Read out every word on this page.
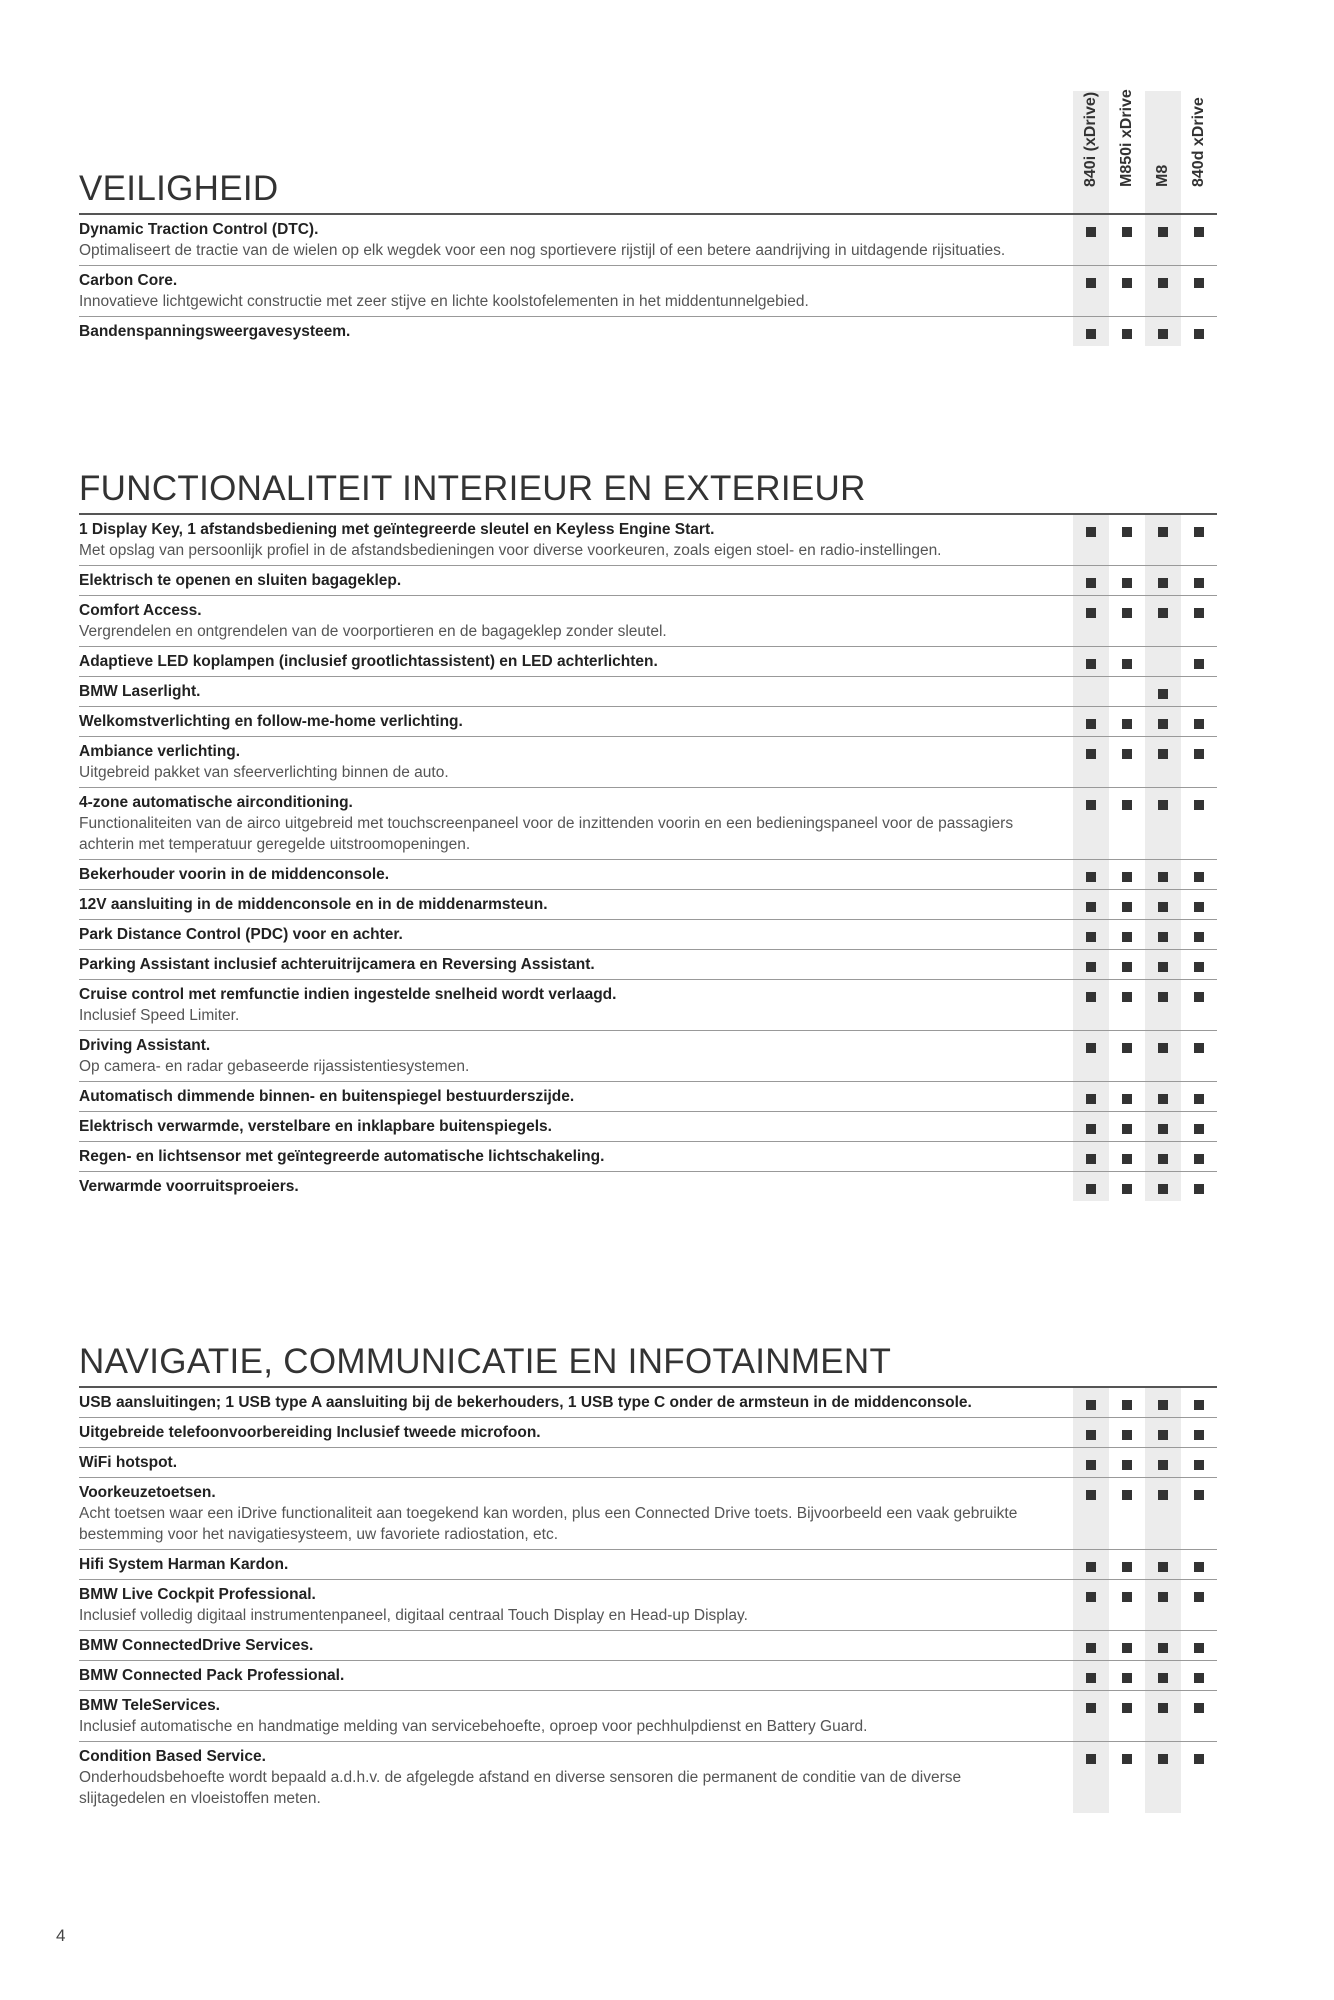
VEILIGHEID
840i (xDrive) M850i xDrive M8 840d xDrive
Dynamic Traction Control (DTC).
Optimaliseert de tractie van de wielen op elk wegdek voor een nog sportievere rijstijl of een betere aandrijving in uitdagende rijsituaties.
Carbon Core.
Innovatieve lichtgewicht constructie met zeer stijve en lichte koolstofelementen in het middentunnelgebied.
Bandenspanningsweergavesysteem.
FUNCTIONALITEIT INTERIEUR EN EXTERIEUR
1 Display Key, 1 afstandsbediening met geïntegreerde sleutel en Keyless Engine Start.
Met opslag van persoonlijk profiel in de afstandsbedieningen voor diverse voorkeuren, zoals eigen stoel- en radio-instellingen.
Elektrisch te openen en sluiten bagageklep.
Comfort Access.
Vergrendelen en ontgrendelen van de voorportieren en de bagageklep zonder sleutel.
Adaptieve LED koplampen (inclusief grootlichtassistent) en LED achterlichten.
BMW Laserlight.
Welkomstverlichting en follow-me-home verlichting.
Ambiance verlichting.
Uitgebreid pakket van sfeerverlichting binnen de auto.
4-zone automatische airconditioning.
Functionaliteiten van de airco uitgebreid met touchscreenpaneel voor de inzittenden voorin en een bedieningspaneel voor de passagiers achterin met temperatuur geregelde uitstroomopeningen.
Bekerhouder voorin in de middenconsole.
12V aansluiting in de middenconsole en in de middenarmsteun.
Park Distance Control (PDC) voor en achter.
Parking Assistant inclusief achteruitrijcamera en Reversing Assistant.
Cruise control met remfunctie indien ingestelde snelheid wordt verlaagd.
Inclusief Speed Limiter.
Driving Assistant.
Op camera- en radar gebaseerde rijassistentiesystemen.
Automatisch dimmende binnen- en buitenspiegel bestuurderszijde.
Elektrisch verwarmde, verstelbare en inklapbare buitenspiegels.
Regen- en lichtsensor met geïntegreerde automatische lichtschakeling.
Verwarmde voorruitsproeiers.
NAVIGATIE, COMMUNICATIE EN INFOTAINMENT
USB aansluitingen; 1 USB type A aansluiting bij de bekerhouders, 1 USB type C onder de armsteun in de middenconsole.
Uitgebreide telefoonvoorbereiding Inclusief tweede microfoon.
WiFi hotspot.
Voorkeuzetoetsen.
Acht toetsen waar een iDrive functionaliteit aan toegekend kan worden, plus een Connected Drive toets. Bijvoorbeeld een vaak gebruikte bestemming voor het navigatiesysteem, uw favoriete radiostation, etc.
Hifi System Harman Kardon.
BMW Live Cockpit Professional.
Inclusief volledig digitaal instrumentenpaneel, digitaal centraal Touch Display en Head-up Display.
BMW ConnectedDrive Services.
BMW Connected Pack Professional.
BMW TeleServices.
Inclusief automatische en handmatige melding van servicebehoefte, oproep voor pechhulpdienst en Battery Guard.
Condition Based Service.
Onderhoudsbehoefte wordt bepaald a.d.h.v. de afgelegde afstand en diverse sensoren die permanent de conditie van de diverse slijtagedelen en vloeistoffen meten.
4
